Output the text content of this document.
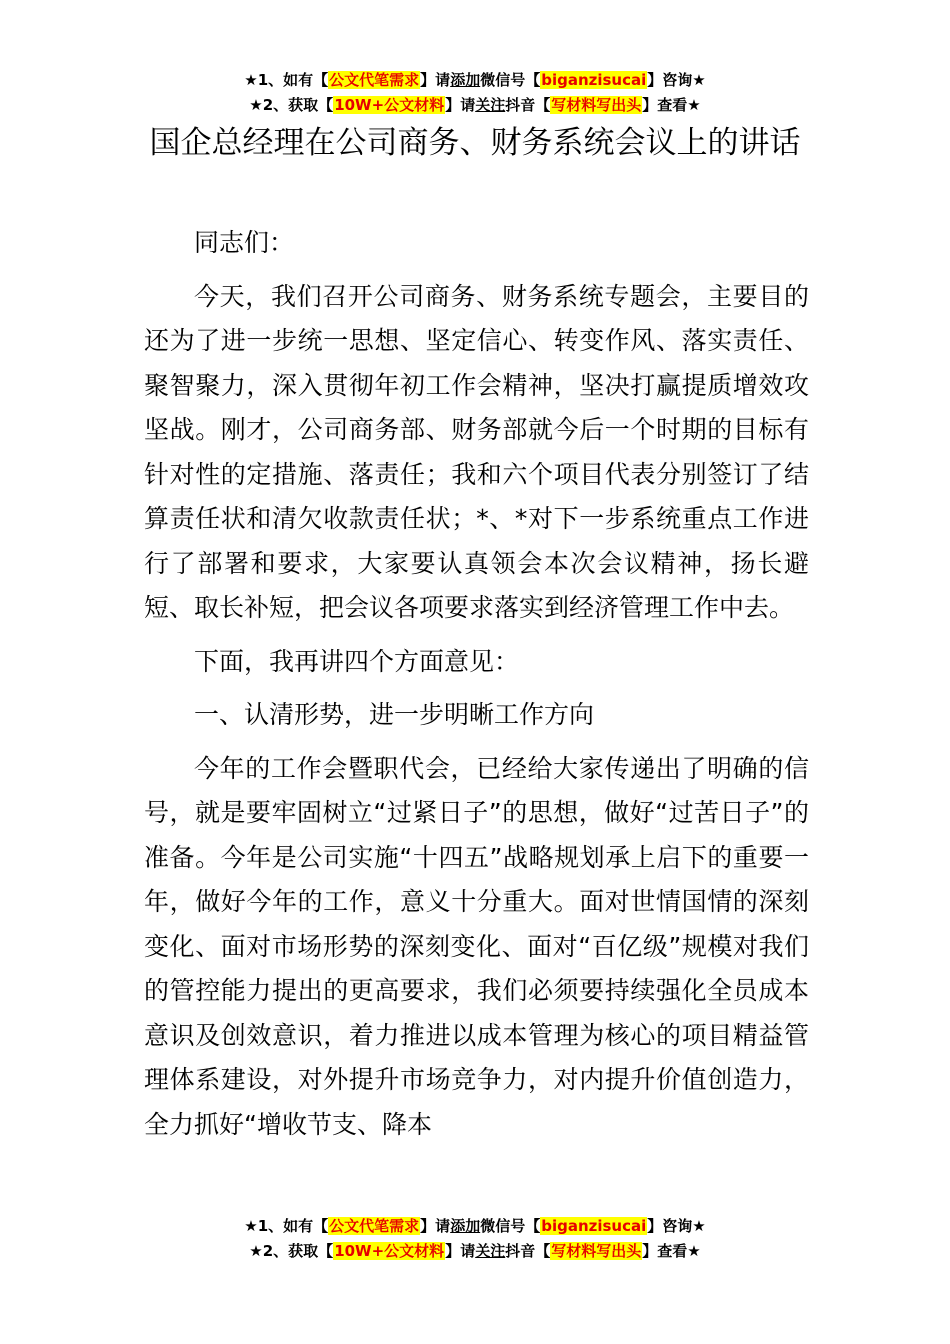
★1、如有【公文代笔需求】请添加微信号【biganzisucai】咨询★
★2、获取【10W+公文材料】请关注抖音【写材料写出头】查看★
国企总经理在公司商务、财务系统会议上的讲话

同志们：

今天，我们召开公司商务、财务系统专题会，主要目的还为了进一步统一思想、坚定信心、转变作风、落实责任、聚智聚力，深入贯彻年初工作会精神，坚决打赢提质增效攻坚战。刚才，公司商务部、财务部就今后一个时期的目标有针对性的定措施、落责任；我和六个项目代表分别签订了结算责任状和清欠收款责任状；*、*对下一步系统重点工作进行了部署和要求，大家要认真领会本次会议精神，扬长避短、取长补短，把会议各项要求落实到经济管理工作中去。

下面，我再讲四个方面意见：

一、认清形势，进一步明晰工作方向

今年的工作会暨职代会，已经给大家传递出了明确的信号，就是要牢固树立“过紧日子”的思想，做好“过苦日子”的准备。今年是公司实施“十四五”战略规划承上启下的重要一年，做好今年的工作，意义十分重大。面对世情国情的深刻变化、面对市场形势的深刻变化、面对“百亿级”规模对我们的管控能力提出的更高要求，我们必须要持续强化全员成本意识及创效意识，着力推进以成本管理为核心的项目精益管理体系建设，对外提升市场竞争力，对内提升价值创造力，全力抓好“增收节支、降本

★1、如有【公文代笔需求】请添加微信号【biganzisucai】咨询★
★2、获取【10W+公文材料】请关注抖音【写材料写出头】查看★
